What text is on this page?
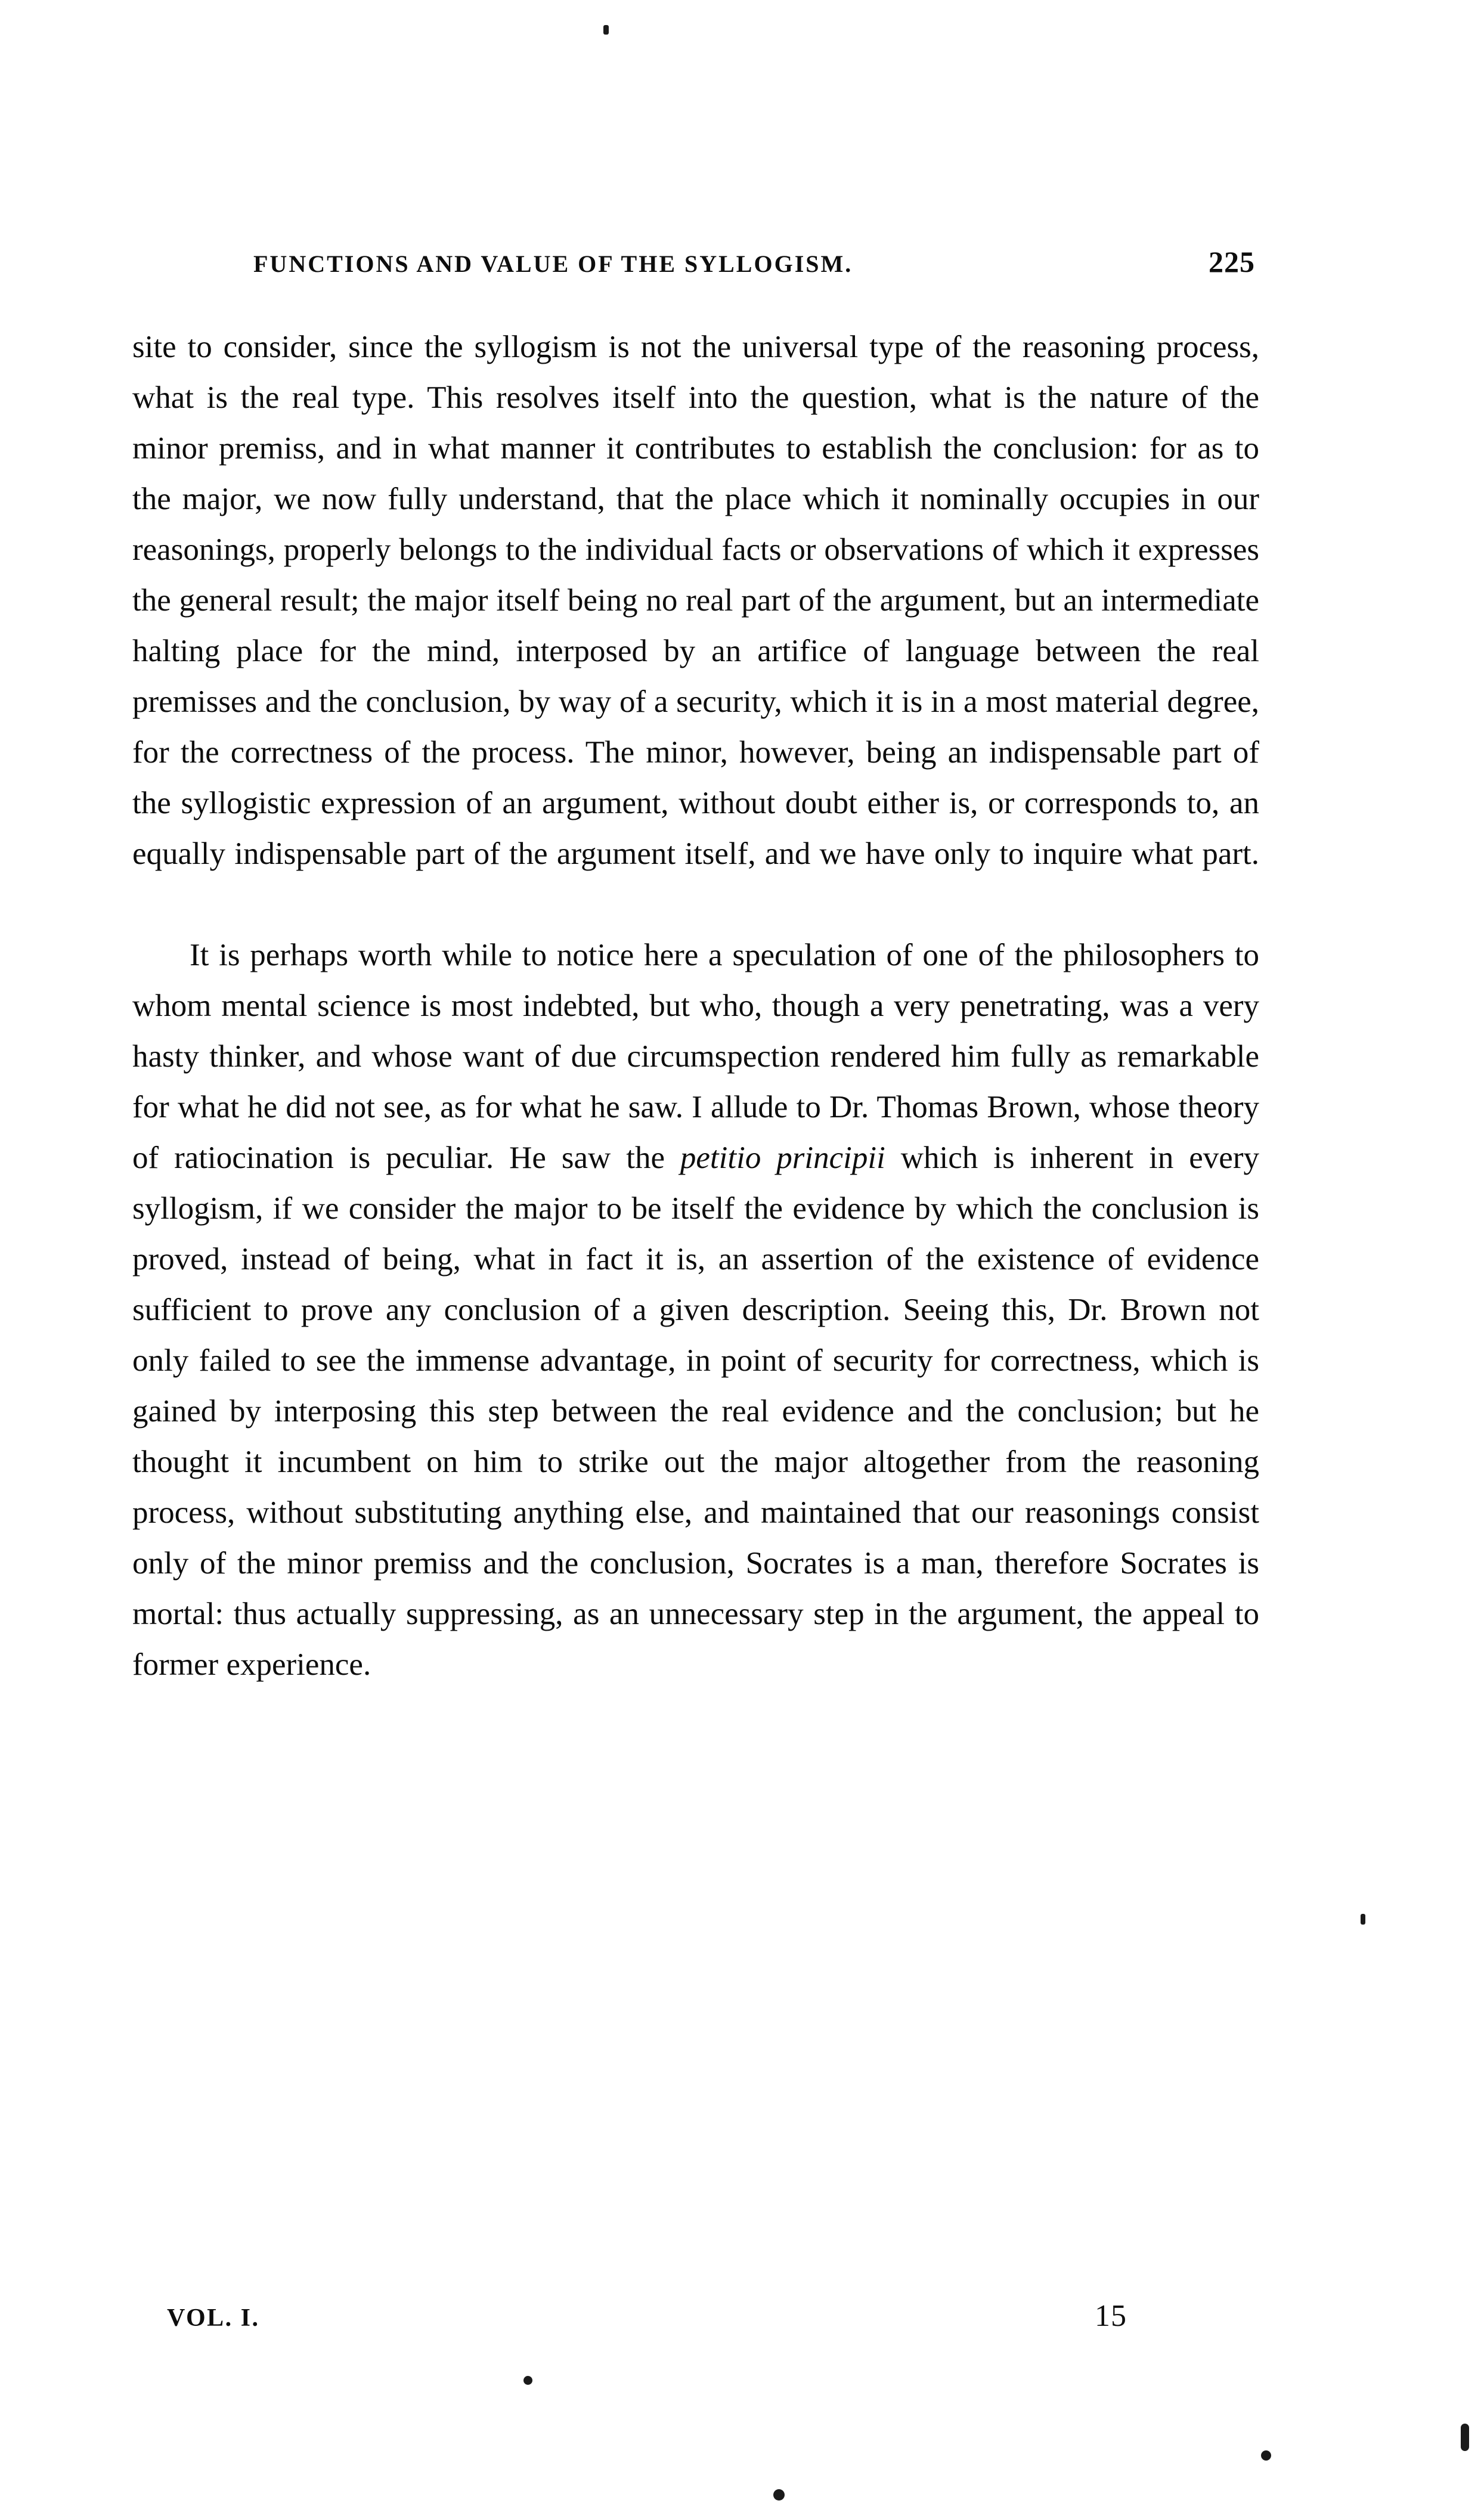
FUNCTIONS AND VALUE OF THE SYLLOGISM.	225

site to consider, since the syllogism is not the universal type of the reasoning process, what is the real type. This resolves itself into the question, what is the nature of the minor premiss, and in what manner it contributes to establish the conclusion: for as to the major, we now fully understand, that the place which it nominally occupies in our reasonings, properly belongs to the individual facts or observations of which it expresses the general result; the major itself being no real part of the argument, but an intermediate halting place for the mind, interposed by an artifice of language between the real premisses and the conclusion, by way of a security, which it is in a most material degree, for the correctness of the process. The minor, however, being an indispensable part of the syllogistic expression of an argument, without doubt either is, or corresponds to, an equally indispensable part of the argument itself, and we have only to inquire what part.

It is perhaps worth while to notice here a speculation of one of the philosophers to whom mental science is most indebted, but who, though a very penetrating, was a very hasty thinker, and whose want of due circumspection rendered him fully as remarkable for what he did not see, as for what he saw. I allude to Dr. Thomas Brown, whose theory of ratiocination is peculiar. He saw the petitio principii which is inherent in every syllogism, if we consider the major to be itself the evidence by which the conclusion is proved, instead of being, what in fact it is, an assertion of the existence of evidence sufficient to prove any conclusion of a given description. Seeing this, Dr. Brown not only failed to see the immense advantage, in point of security for correctness, which is gained by interposing this step between the real evidence and the conclusion; but he thought it incumbent on him to strike out the major altogether from the reasoning process, without substituting anything else, and maintained that our reasonings consist only of the minor premiss and the conclusion, Socrates is a man, therefore Socrates is mortal: thus actually suppressing, as an unnecessary step in the argument, the appeal to former experience.

VOL. I.	15
